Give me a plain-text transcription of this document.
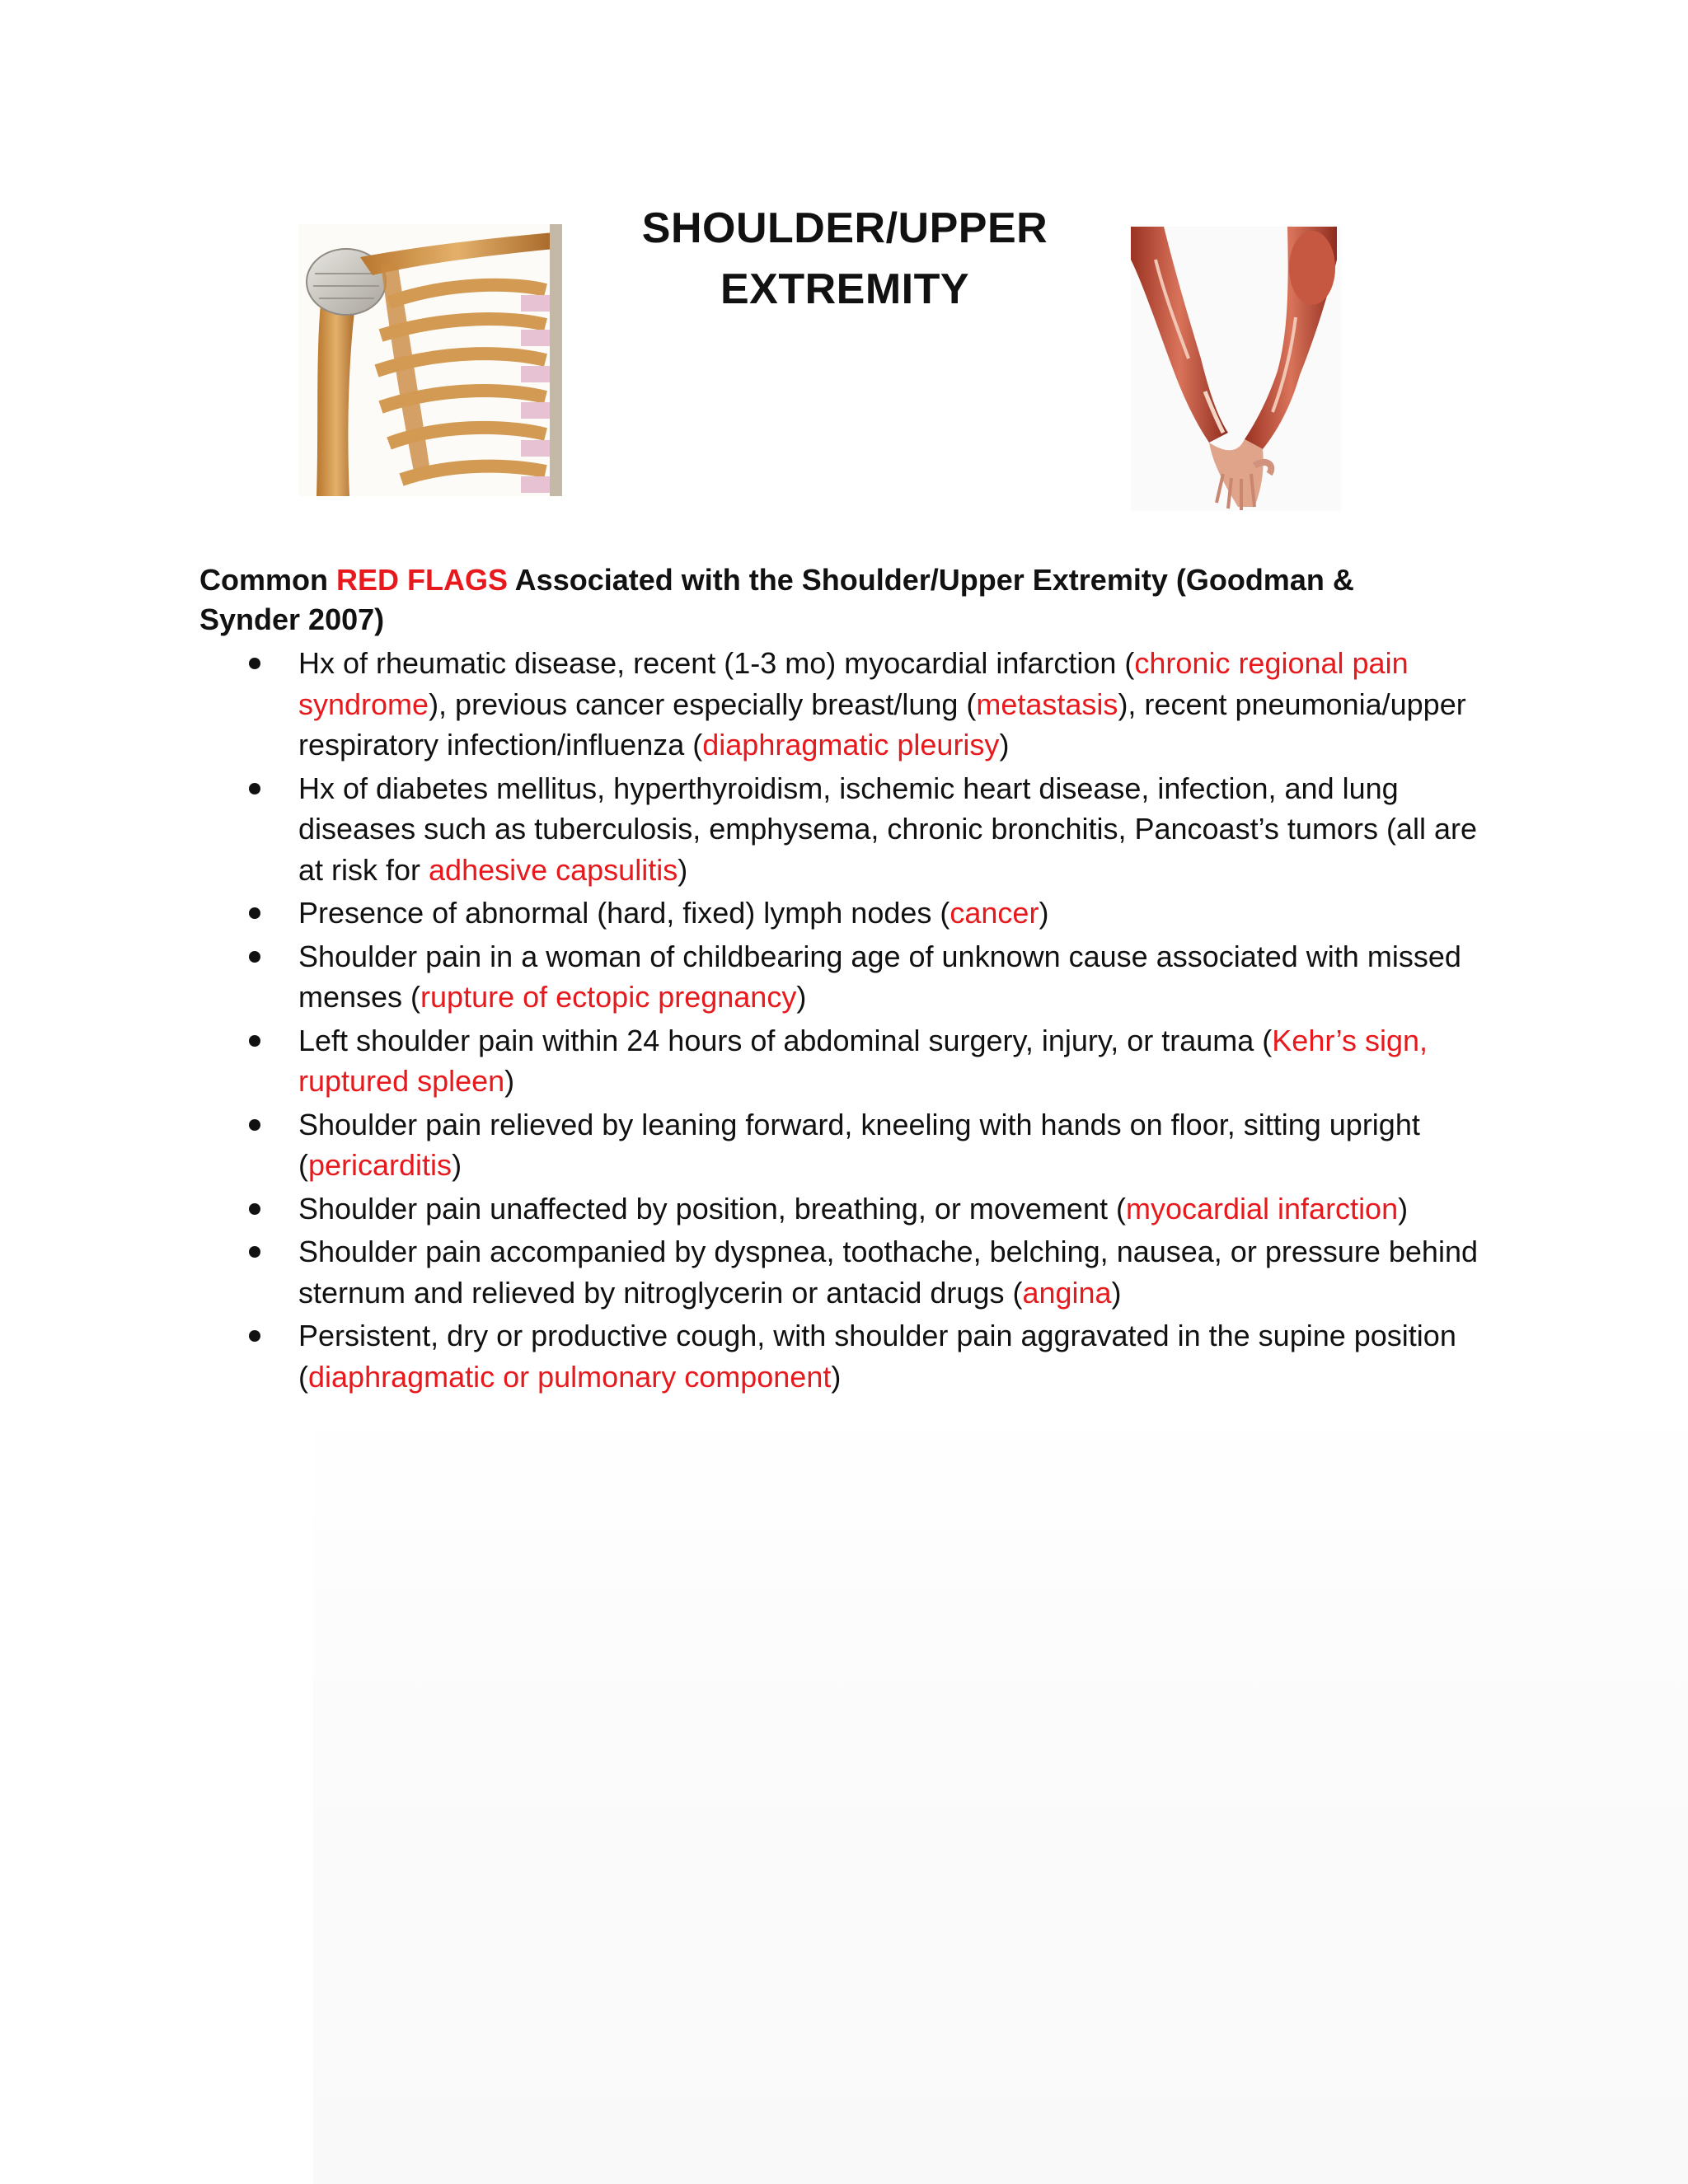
SHOULDER/UPPER
EXTREMITY
Common RED FLAGS Associated with the Shoulder/Upper Extremity (Goodman & Synder 2007)
Hx of rheumatic disease, recent (1-3 mo) myocardial infarction (chronic regional pain syndrome), previous cancer especially breast/lung (metastasis), recent pneumonia/upper respiratory infection/influenza (diaphragmatic pleurisy)
Hx of diabetes mellitus, hyperthyroidism, ischemic heart disease, infection, and lung diseases such as tuberculosis, emphysema, chronic bronchitis, Pancoast’s tumors (all are at risk for adhesive capsulitis)
Presence of abnormal (hard, fixed) lymph nodes (cancer)
Shoulder pain in a woman of childbearing age of unknown cause associated with missed menses (rupture of ectopic pregnancy)
Left shoulder pain within 24 hours of abdominal surgery, injury, or trauma (Kehr’s sign, ruptured spleen)
Shoulder pain relieved by leaning forward, kneeling with hands on floor, sitting upright (pericarditis)
Shoulder pain unaffected by position, breathing, or movement (myocardial infarction)
Shoulder pain accompanied by dyspnea, toothache, belching, nausea, or pressure behind sternum and relieved by nitroglycerin or antacid drugs (angina)
Persistent, dry or productive cough, with shoulder pain aggravated in the supine position (diaphragmatic or pulmonary component)
